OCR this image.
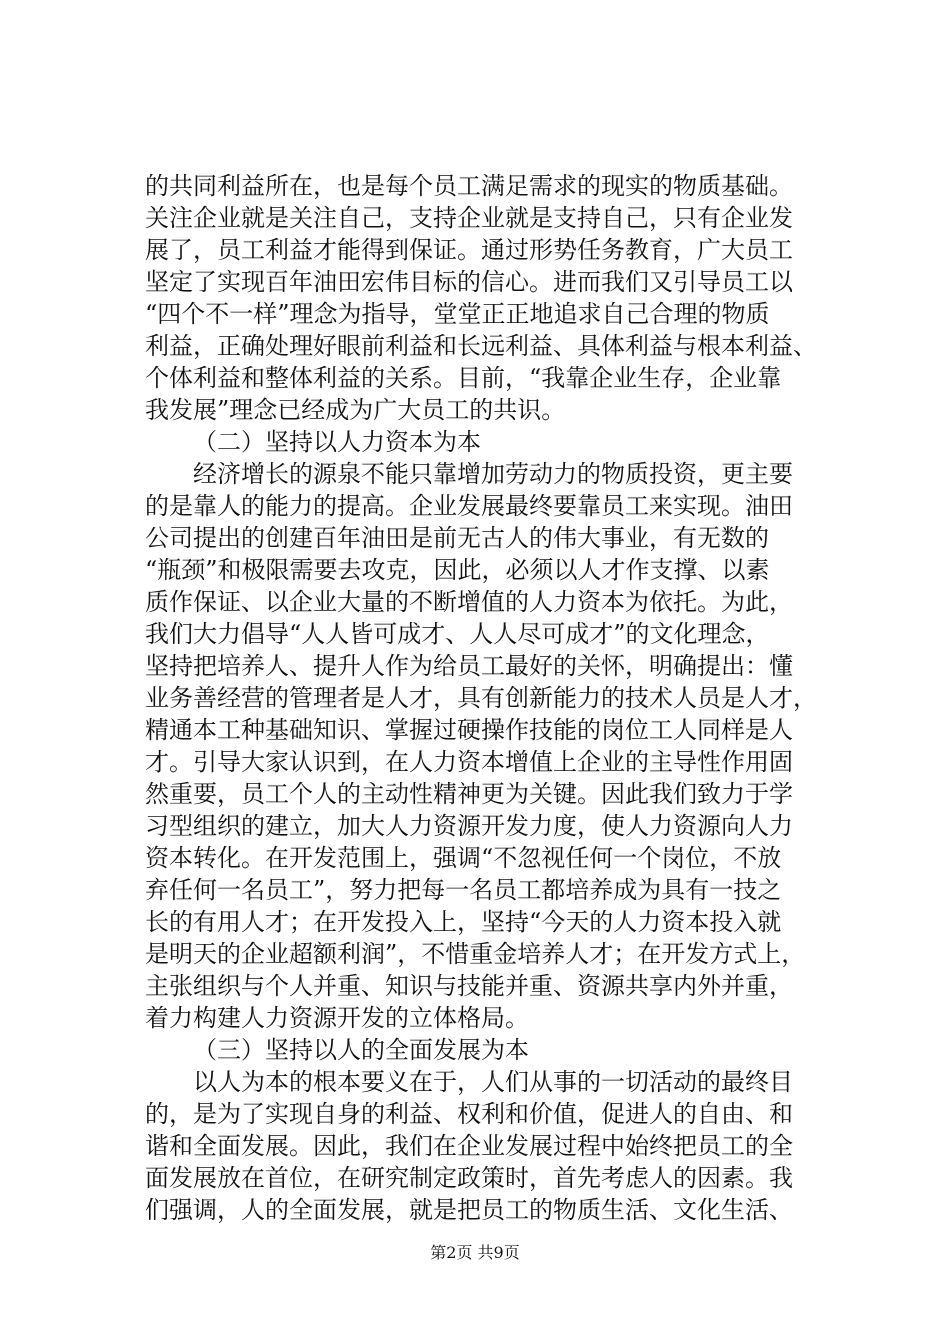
的共同利益所在，也是每个员工满足需求的现实的物质基础。
关注企业就是关注自己，支持企业就是支持自己，只有企业发
展了，员工利益才能得到保证。通过形势任务教育，广大员工
坚定了实现百年油田宏伟目标的信心。进而我们又引导员工以
“四个不一样”理念为指导，堂堂正正地追求自己合理的物质
利益，正确处理好眼前利益和长远利益、具体利益与根本利益、
个体利益和整体利益的关系。目前，“我靠企业生存，企业靠
我发展”理念已经成为广大员工的共识。
（二）坚持以人力资本为本
经济增长的源泉不能只靠增加劳动力的物质投资，更主要
的是靠人的能力的提高。企业发展最终要靠员工来实现。油田
公司提出的创建百年油田是前无古人的伟大事业，有无数的
“瓶颈”和极限需要去攻克，因此，必须以人才作支撑、以素
质作保证、以企业大量的不断增值的人力资本为依托。为此，
我们大力倡导“人人皆可成才、人人尽可成才”的文化理念，
坚持把培养人、提升人作为给员工最好的关怀，明确提出：懂
业务善经营的管理者是人才，具有创新能力的技术人员是人才，
精通本工种基础知识、掌握过硬操作技能的岗位工人同样是人
才。引导大家认识到，在人力资本增值上企业的主导性作用固
然重要，员工个人的主动性精神更为关键。因此我们致力于学
习型组织的建立，加大人力资源开发力度，使人力资源向人力
资本转化。在开发范围上，强调“不忽视任何一个岗位，不放
弃任何一名员工”，努力把每一名员工都培养成为具有一技之
长的有用人才；在开发投入上，坚持“今天的人力资本投入就
是明天的企业超额利润”，不惜重金培养人才；在开发方式上，
主张组织与个人并重、知识与技能并重、资源共享内外并重，
着力构建人力资源开发的立体格局。
（三）坚持以人的全面发展为本
以人为本的根本要义在于，人们从事的一切活动的最终目
的，是为了实现自身的利益、权利和价值，促进人的自由、和
谐和全面发展。因此，我们在企业发展过程中始终把员工的全
面发展放在首位，在研究制定政策时，首先考虑人的因素。我
们强调，人的全面发展，就是把员工的物质生活、文化生活、
第2页 共9页
